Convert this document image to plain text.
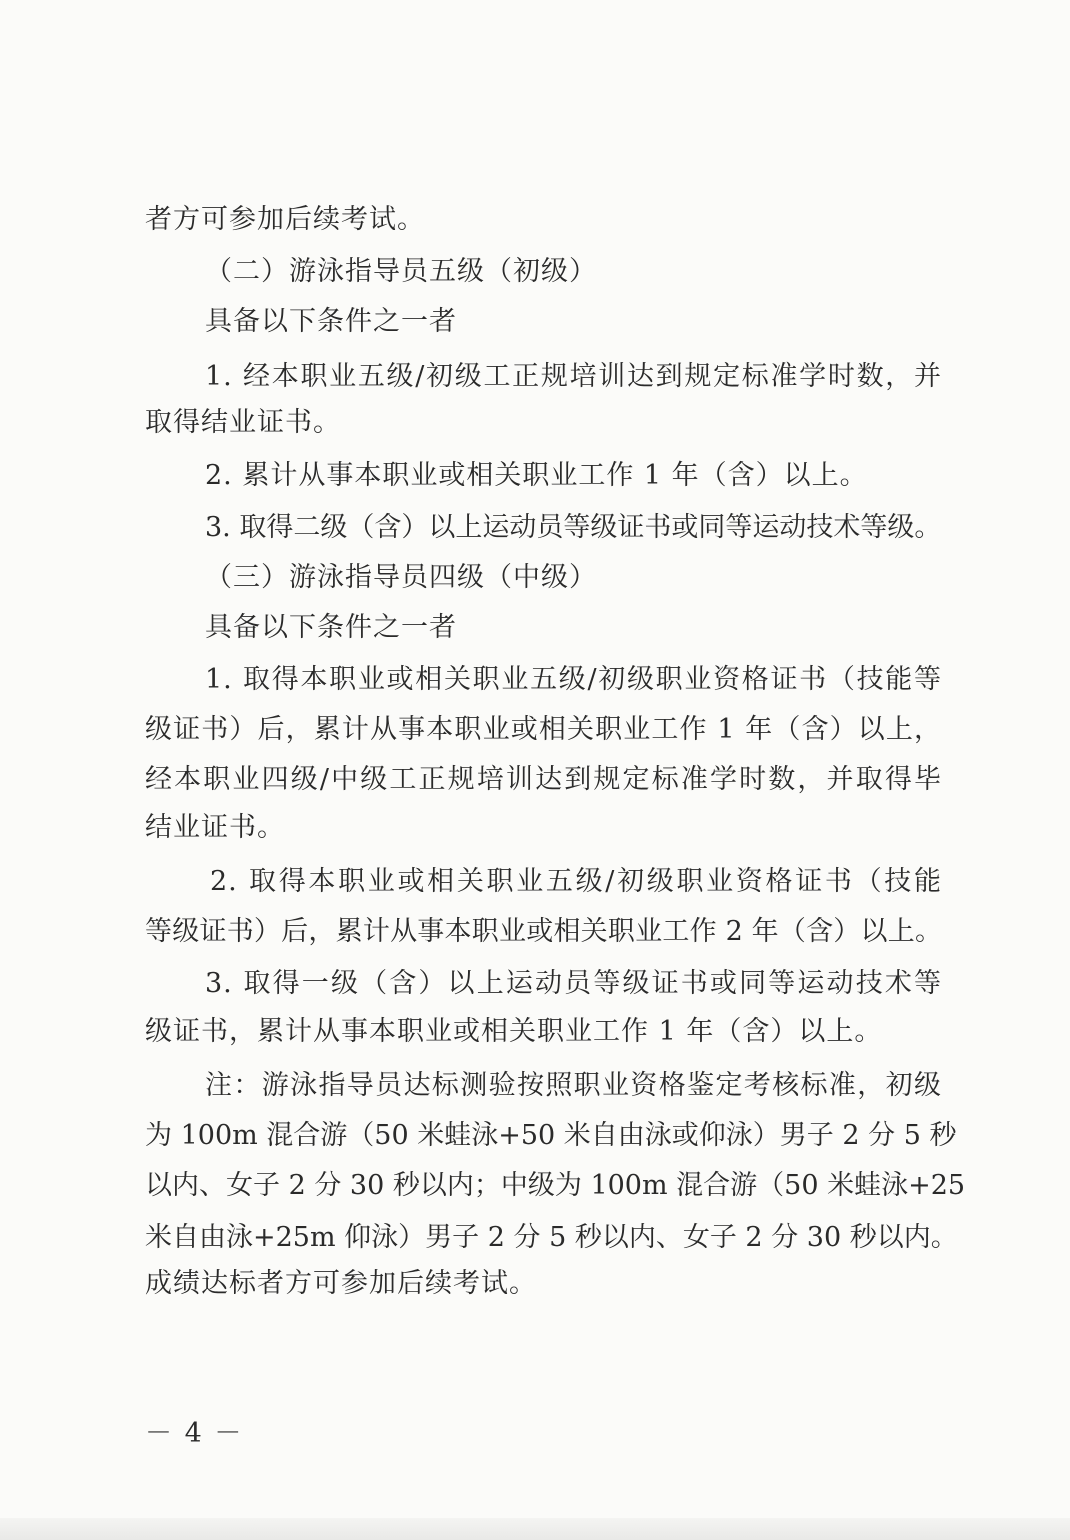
者方可参加后续考试。
（二）游泳指导员五级（初级）
具备以下条件之一者
1. 经本职业五级/初级工正规培训达到规定标准学时数，并
取得结业证书。
2. 累计从事本职业或相关职业工作 1 年（含）以上。
3. 取得二级（含）以上运动员等级证书或同等运动技术等级。
（三）游泳指导员四级（中级）
具备以下条件之一者
1. 取得本职业或相关职业五级/初级职业资格证书（技能等
级证书）后，累计从事本职业或相关职业工作 1 年（含）以上，
经本职业四级/中级工正规培训达到规定标准学时数，并取得毕
结业证书。
2. 取得本职业或相关职业五级/初级职业资格证书（技能
等级证书）后，累计从事本职业或相关职业工作 2 年（含）以上。
3. 取得一级（含）以上运动员等级证书或同等运动技术等
级证书，累计从事本职业或相关职业工作 1 年（含）以上。
注：游泳指导员达标测验按照职业资格鉴定考核标准，初级
为 100m 混合游（50 米蛙泳+50 米自由泳或仰泳）男子 2 分 5 秒
以内、女子 2 分 30 秒以内；中级为 100m 混合游（50 米蛙泳+25
米自由泳+25m 仰泳）男子 2 分 5 秒以内、女子 2 分 30 秒以内。
成绩达标者方可参加后续考试。
－ 4 －
